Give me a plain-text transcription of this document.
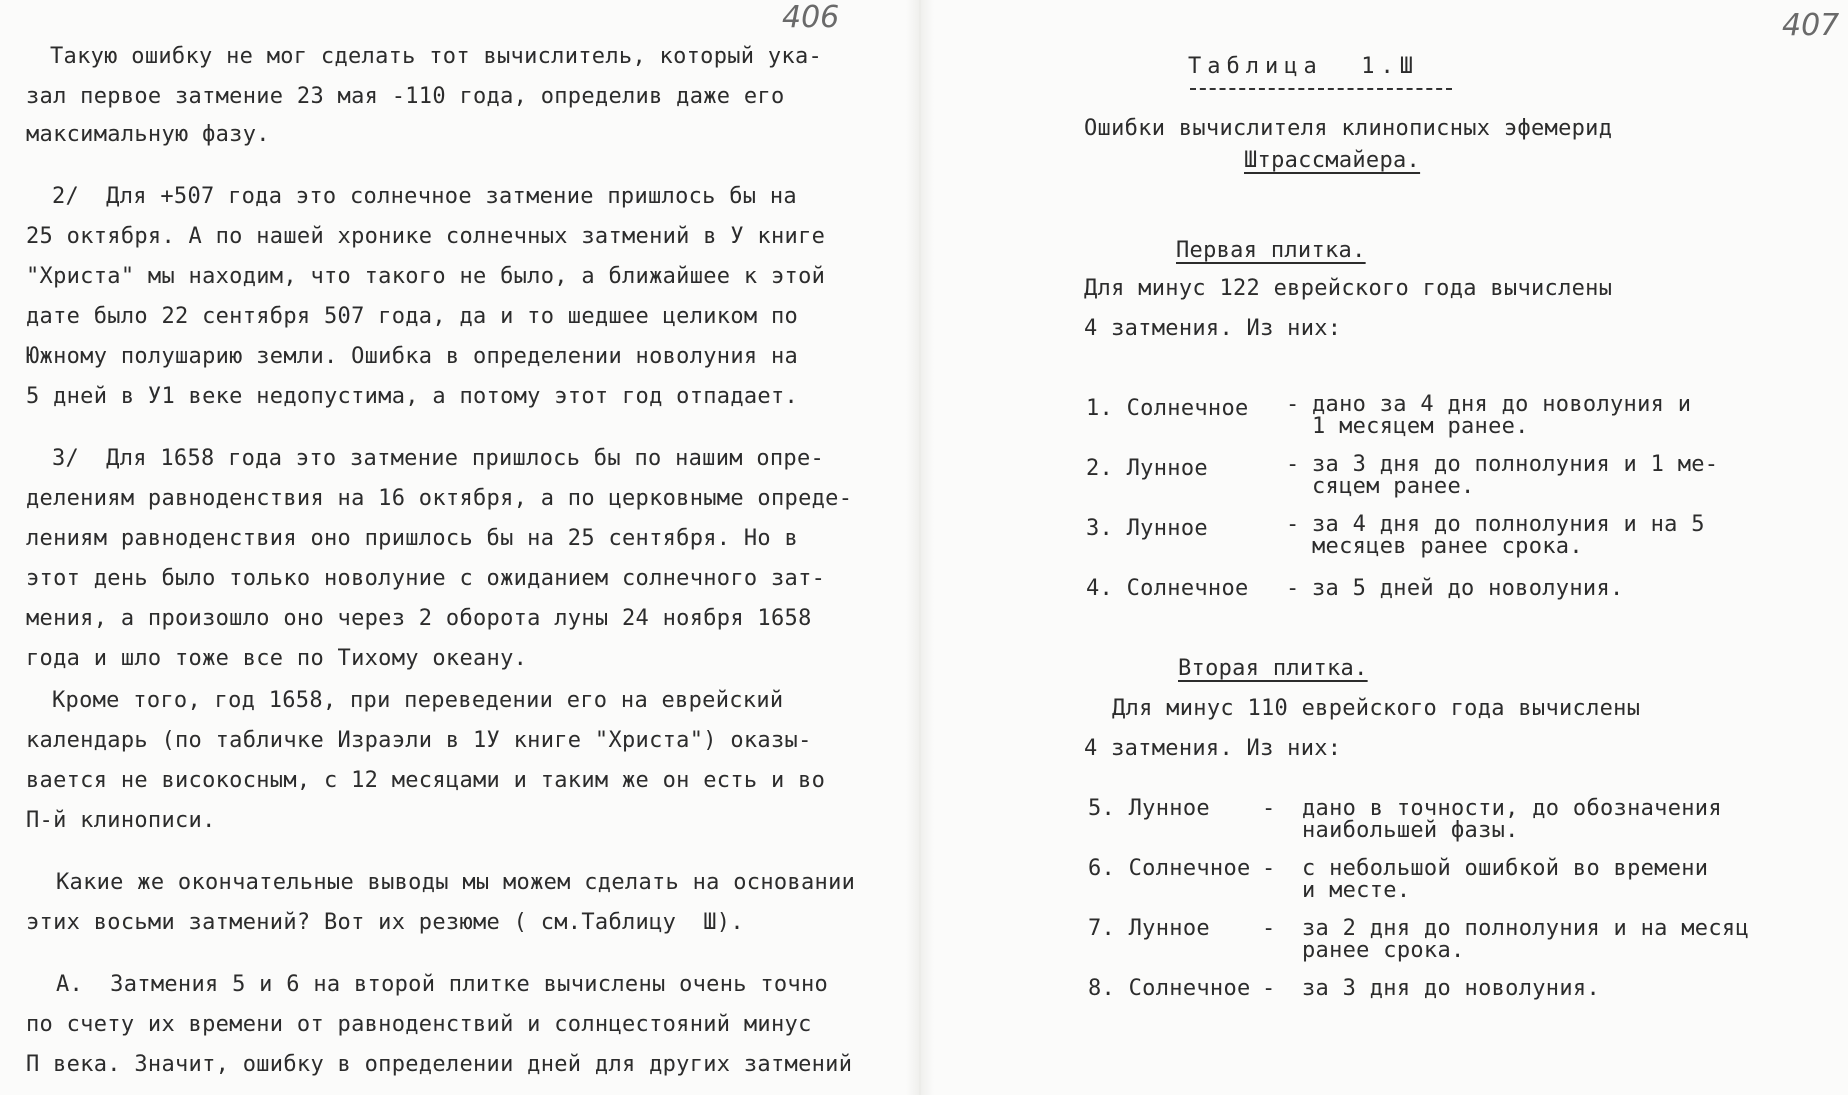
406
Такую ошибку не мог сделать тот вычислитель, который ука-
зал первое затмение 23 мая -110 года, определив даже его
максимальную фазу.
2/  Для +507 года это солнечное затмение пришлось бы на
25 октября. А по нашей хронике солнечных затмений в У книге
"Христа" мы находим, что такого не было, а ближайшее к этой
дате было 22 сентября 507 года, да и то шедшее целиком по
Южному полушарию земли. Ошибка в определении новолуния на
5 дней в У1 веке недопустима, а потому этот год отпадает.
3/  Для 1658 года это затмение пришлось бы по нашим опре-
делениям равноденствия на 16 октября, а по церковныме опреде-
лениям равноденствия оно пришлось бы на 25 сентября. Но в
этот день было только новолуние с ожиданием солнечного зат-
мения, а произошло оно через 2 оборота луны 24 ноября 1658
года и шло тоже все по Тихому океану.
Кроме того, год 1658, при переведении его на еврейский
календарь (по табличке Израэли в 1У книге "Христа") оказы-
вается не високосным, с 12 месяцами и таким же он есть и во
П-й клинописи.
Какие же окончательные выводы мы можем сделать на основании
этих восьми затмений? Вот их резюме ( см.Таблицу  Ш).
А.  Затмения 5 и 6 на второй плитке вычислены очень точно
по счету их времени от равноденствий и солнцестояний минус
П века. Значит, ошибку в определении дней для других затмений
407
Таблица  1.Ш
Ошибки вычислителя клинописных эфемерид
Штрассмайера.
Первая плитка.
Для минус 122 еврейского года вычислены
4 затмения. Из них:
1. Солнечное - дано за 4 дня до новолуния и
1 месяцем ранее.
2. Лунное	- за 3 дня до полнолуния и 1 ме-
сяцем ранее.
3. Лунное	- за 4 дня до полнолуния и на 5
месяцев ранее срока.
4. Солнечное - за 5 дней до новолуния.
Вторая плитка.
Для минус 110 еврейского года вычислены
4 затмения. Из них:
5. Лунное - дано в точности, до обозначения
наибольшей фазы.
6. Солнечное - с небольшой ошибкой во времени
и месте.
7. Лунное - за 2 дня до полнолуния и на месяц
ранее срока.
8. Солнечное - за 3 дня до новолуния.
